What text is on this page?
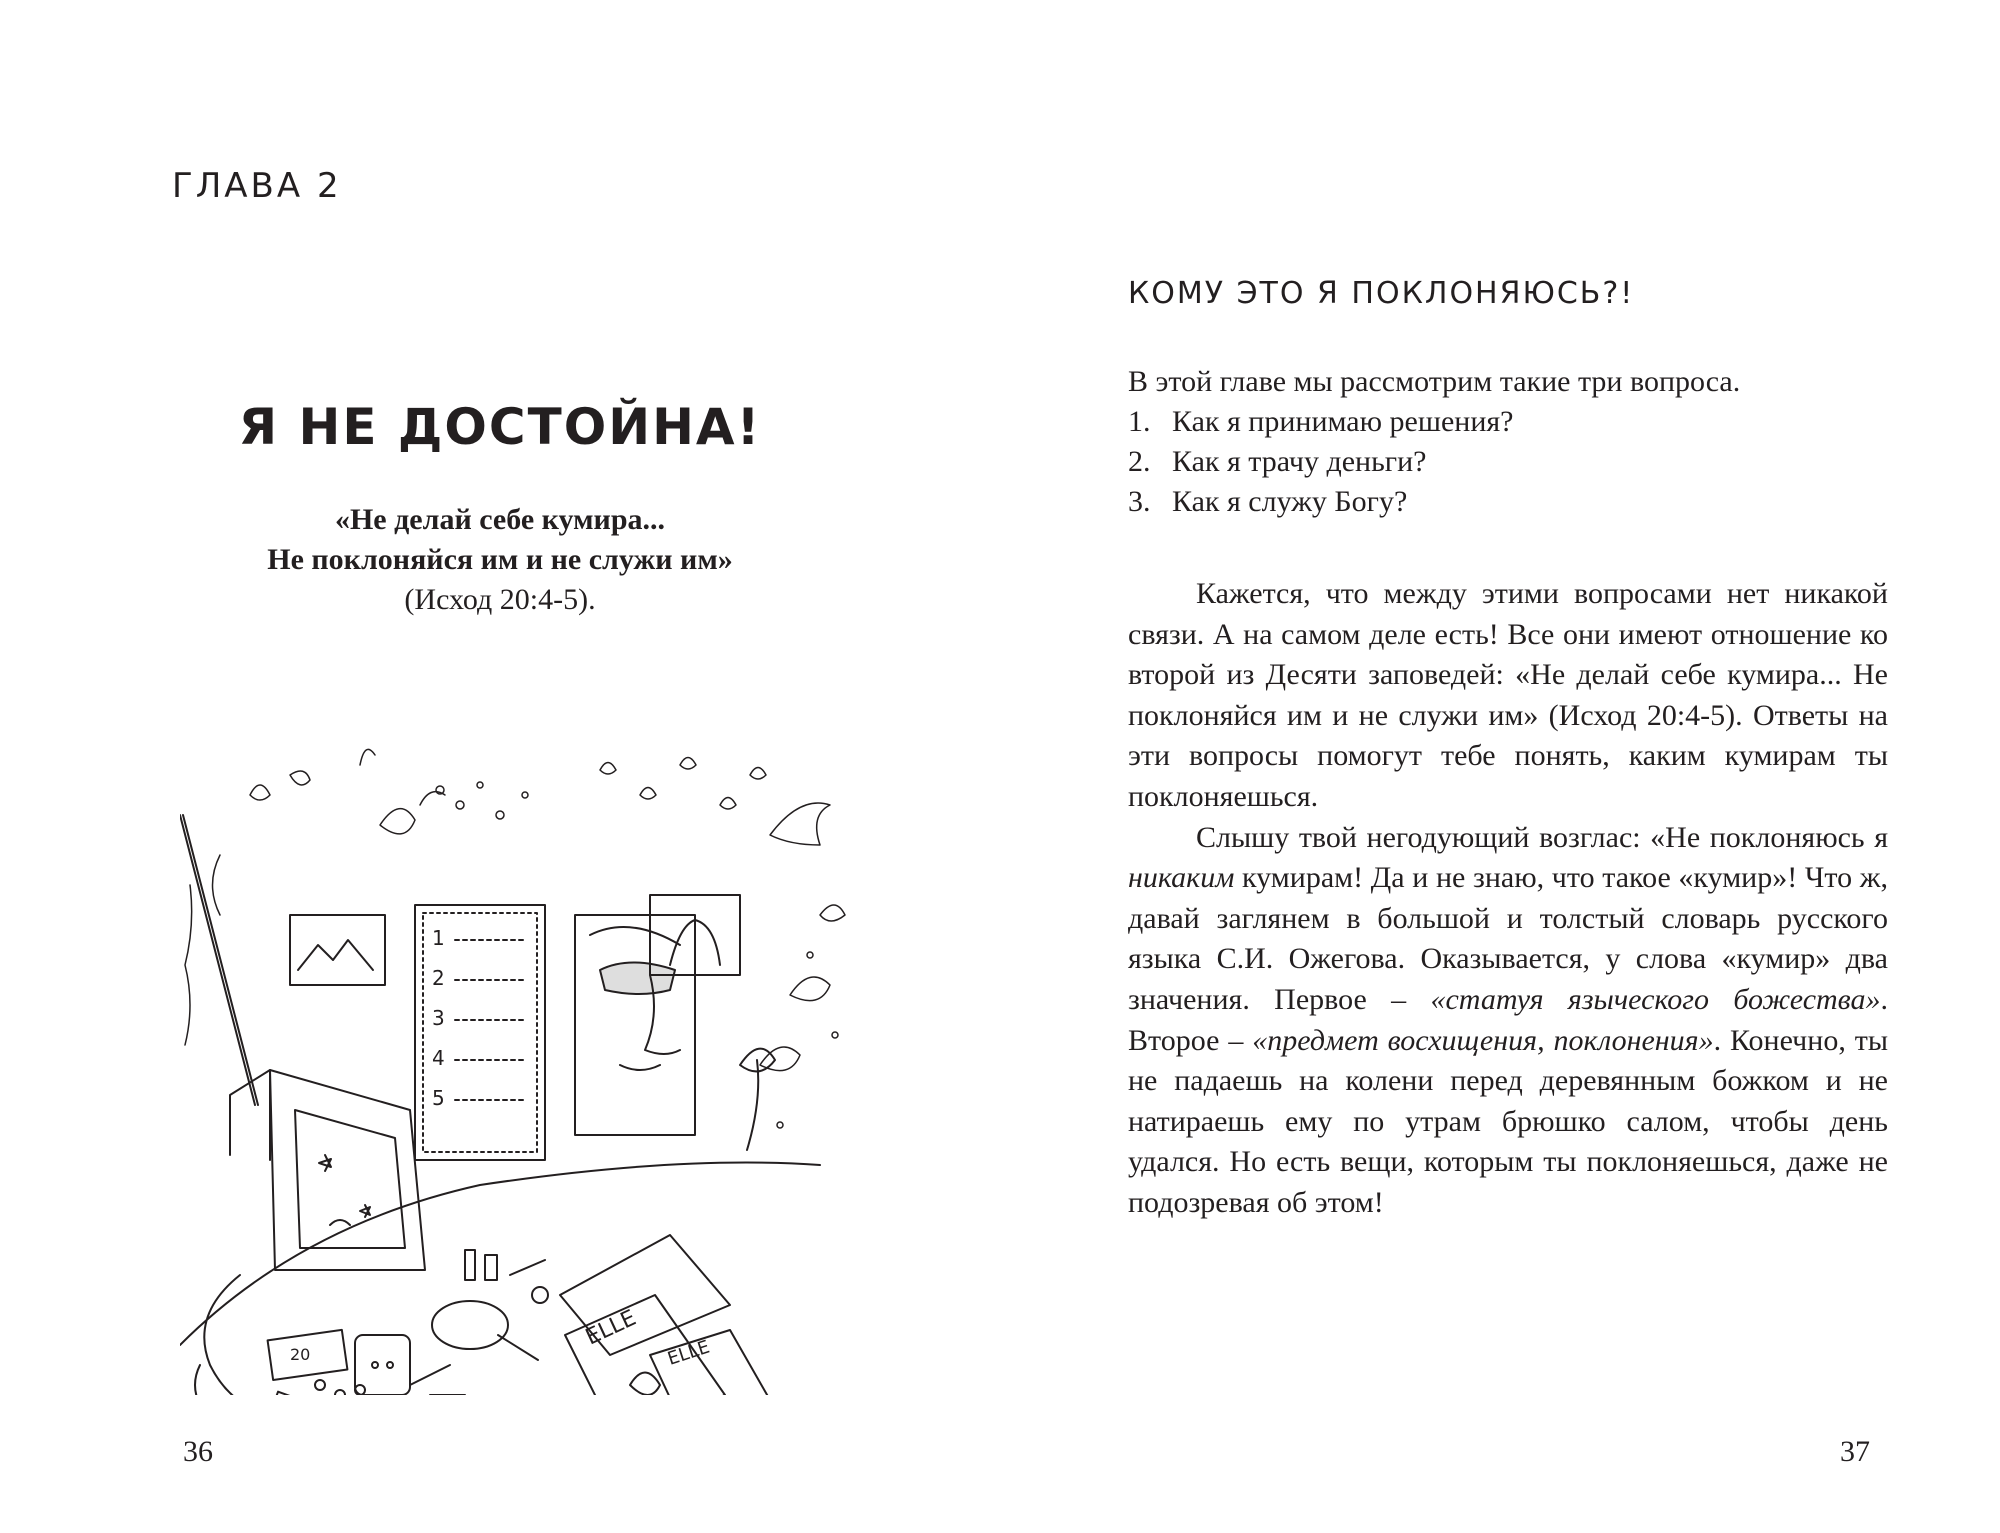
ГЛАВА 2
Я НЕ ДОСТОЙНА!
«Не делай себе кумира...
Не поклоняйся им и не служи им»
(Исход 20:4-5).
1
2
3
4
5
20
ELLE
ELLE
36
КОМУ ЭТО Я ПОКЛОНЯЮСЬ?!

В этой главе мы рассмотрим такие три вопроса.

1. Как я принимаю решения?
2. Как я трачу деньги?
3. Как я служу Богу?

Кажется, что между этими вопросами нет никакой связи. А на самом деле есть! Все они имеют отношение ко второй из Десяти заповедей: «Не делай себе кумира... Не поклоняйся им и не служи им» (Исход 20:4-5). Ответы на эти вопросы помогут тебе понять, каким кумирам ты поклоняешься.

Слышу твой негодующий возглас: «Не поклоняюсь я никаким кумирам! Да и не знаю, что такое «кумир»! Что ж, давай заглянем в большой и толстый словарь русского языка С.И. Ожегова. Оказывается, у слова «кумир» два значения. Первое – «статуя языческого божества». Второе – «предмет восхищения, поклонения». Конечно, ты не падаешь на колени перед деревянным божком и не натираешь ему по утрам брюшко салом, чтобы день удался. Но есть вещи, которым ты поклоняешься, даже не подозревая об этом!

37
